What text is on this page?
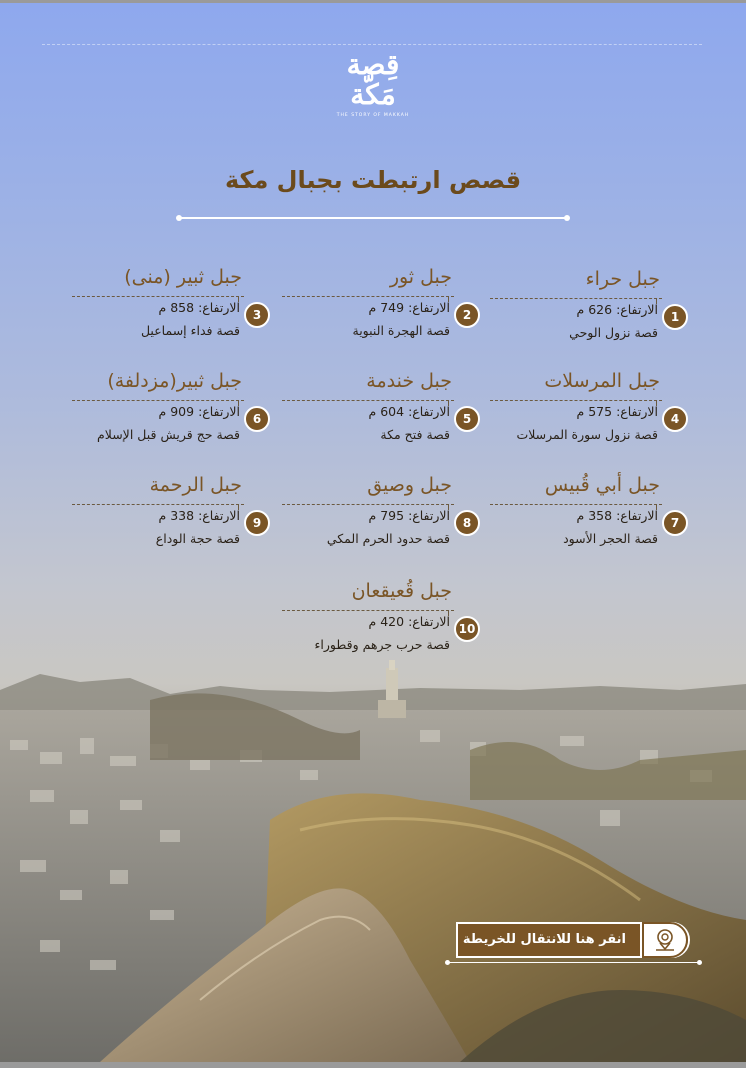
قِصة
مَكّة
THE STORY OF MAKKAH
قصص ارتبطت بجبال مكة
جبل حراء
1
الارتفاع: 626 م
قصة نزول الوحي
جبل ثور
2
الارتفاع: 749 م
قصة الهجرة النبوية
جبل ثبير (منى)
3
الارتفاع: 858 م
قصة فداء إسماعيل
جبل المرسلات
4
الارتفاع: 575 م
قصة نزول سورة المرسلات
جبل خندمة
5
الارتفاع: 604 م
قصة فتح مكة
جبل ثبير(مزدلفة)
6
الارتفاع: 909 م
قصة حج قريش قبل الإسلام
جبل أبي قُبيس
7
الارتفاع: 358 م
قصة الحجر الأسود
جبل وصيق
8
الارتفاع: 795 م
قصة حدود الحرم المكي
جبل الرحمة
9
الارتفاع: 338 م
قصة حجة الوداع
جبل قُعيقعان
10
الارتفاع: 420 م
قصة حرب جرهم وقطوراء
انقر هنا للانتقال للخريطة
